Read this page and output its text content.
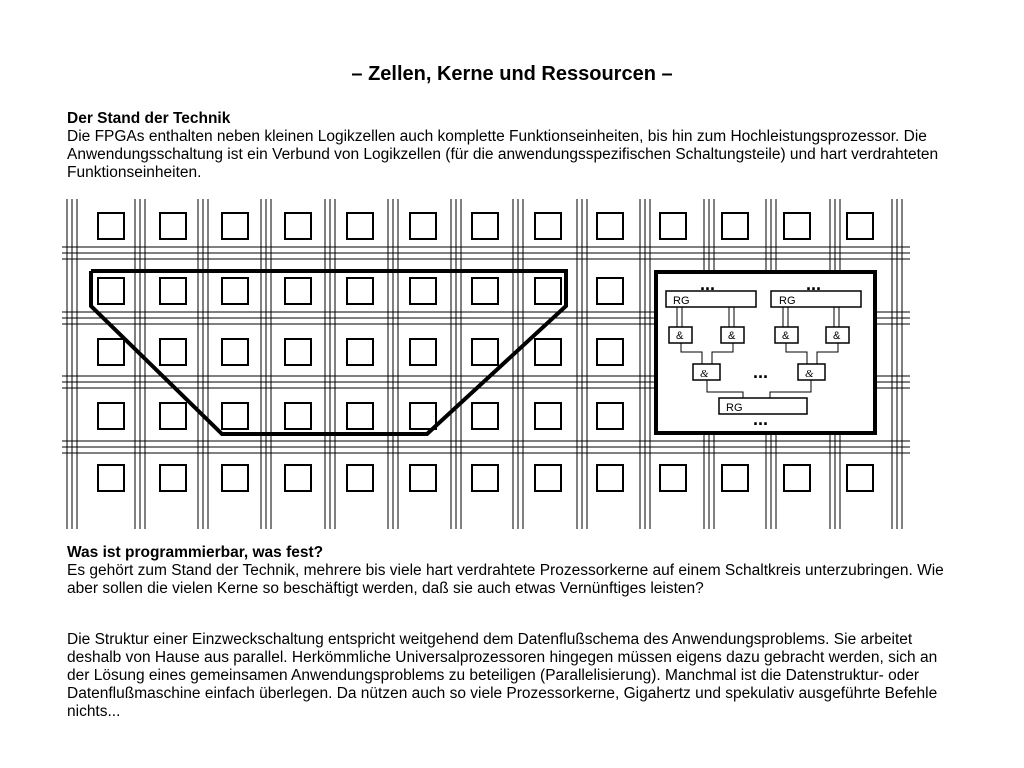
– Zellen, Kerne und Ressourcen –
Der Stand der Technik
Die FPGAs enthalten neben kleinen Logikzellen auch komplette Funktionseinheiten, bis hin zum Hochleistungsprozessor. Die Anwendungsschaltung ist ein Verbund von Logikzellen (für die anwendungsspezifischen Schaltungsteile) und hart verdrahteten Funktionseinheiten.
RG	RG
...	...
&	&	&	&
&	&
...
RG
...
Was ist programmierbar, was fest?
Es gehört zum Stand der Technik, mehrere bis viele hart verdrahtete Prozessorkerne auf einem Schaltkreis unterzubringen. Wie aber sollen die vielen Kerne so beschäftigt werden, daß sie auch etwas Vernünftiges leisten?
Die Struktur einer Einzweckschaltung entspricht weitgehend dem Datenflußschema des Anwendungsproblems. Sie arbeitet deshalb von Hause aus parallel. Herkömmliche Universalprozessoren hingegen müssen eigens dazu gebracht werden, sich an der Lösung eines gemeinsamen Anwendungsproblems zu beteiligen (Parallelisierung). Manchmal ist die Datenstruktur- oder Datenflußmaschine einfach überlegen. Da nützen auch so viele Prozessorkerne, Gigahertz und spekulativ ausgeführte Befehle nichts...
